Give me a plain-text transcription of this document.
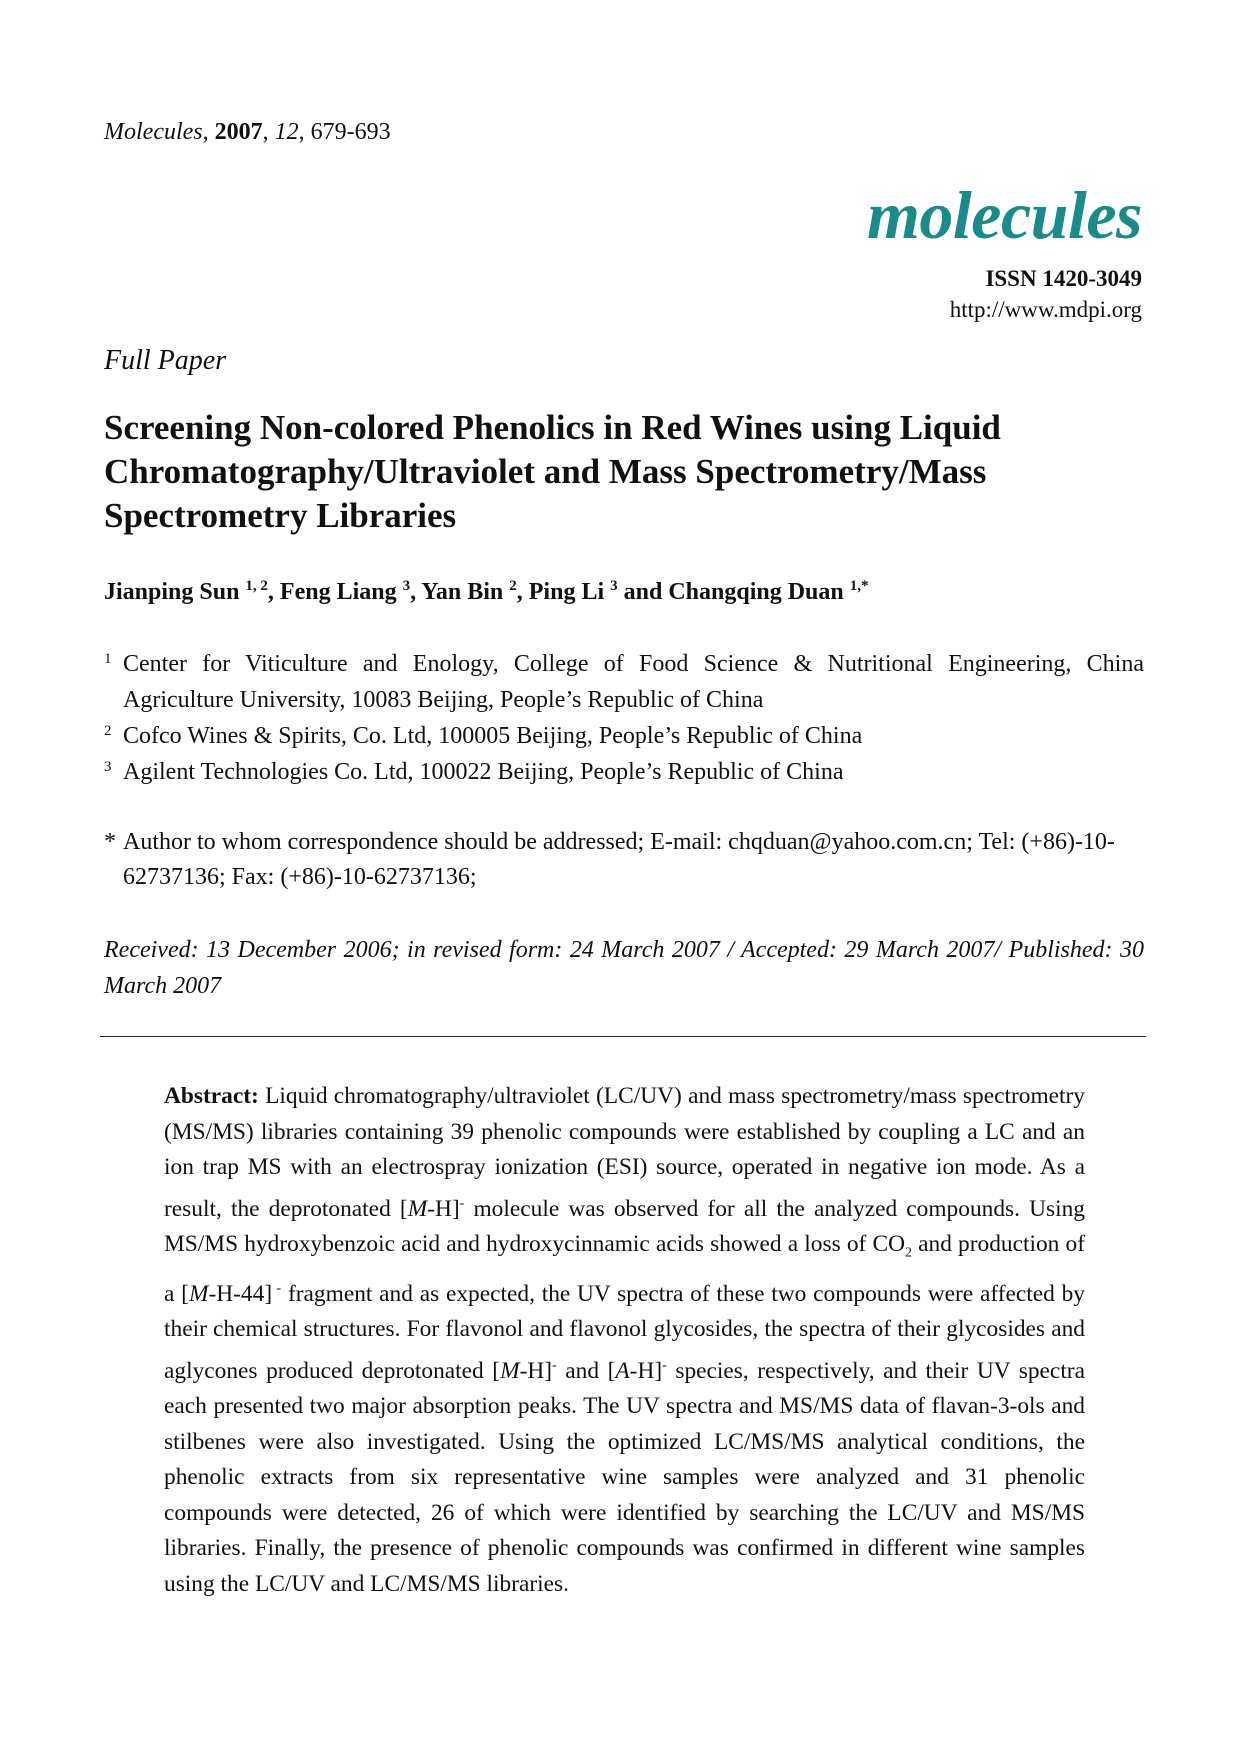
Molecules, 2007, 12, 679-693
molecules
ISSN 1420-3049
http://www.mdpi.org
Full Paper
Screening Non-colored Phenolics in Red Wines using Liquid Chromatography/Ultraviolet and Mass Spectrometry/Mass Spectrometry Libraries
Jianping Sun $^{1, 2}$, Feng Liang $^3$, Yan Bin $^2$, Ping Li $^3$ and Changqing Duan $^{1,*}$
1 Center for Viticulture and Enology, College of Food Science & Nutritional Engineering, China Agriculture University, 10083 Beijing, People’s Republic of China
2 Cofco Wines & Spirits, Co. Ltd, 100005 Beijing, People’s Republic of China
3 Agilent Technologies Co. Ltd, 100022 Beijing, People’s Republic of China
* Author to whom correspondence should be addressed; E-mail: chqduan@yahoo.com.cn; Tel: (+86)-10-62737136; Fax: (+86)-10-62737136;
Received: 13 December 2006; in revised form: 24 March 2007 / Accepted: 29 March 2007/ Published: 30 March 2007

Abstract: Liquid chromatography/ultraviolet (LC/UV) and mass spectrometry/mass spectrometry (MS/MS) libraries containing 39 phenolic compounds were established by coupling a LC and an ion trap MS with an electrospray ionization (ESI) source, operated in negative ion mode. As a result, the deprotonated [M-H]- molecule was observed for all the analyzed compounds. Using MS/MS hydroxybenzoic acid and hydroxycinnamic acids showed a loss of $CO_2$ and production of a [M-H-44] - fragment and as expected, the UV spectra of these two compounds were affected by their chemical structures. For flavonol and flavonol glycosides, the spectra of their glycosides and aglycones produced deprotonated [M-H]- and [A-H]- species, respectively, and their UV spectra each presented two major absorption peaks. The UV spectra and MS/MS data of flavan-3-ols and stilbenes were also investigated. Using the optimized LC/MS/MS analytical conditions, the phenolic extracts from six representative wine samples were analyzed and 31 phenolic compounds were detected, 26 of which were identified by searching the LC/UV and MS/MS libraries. Finally, the presence of phenolic compounds was confirmed in different wine samples using the LC/UV and LC/MS/MS libraries.
